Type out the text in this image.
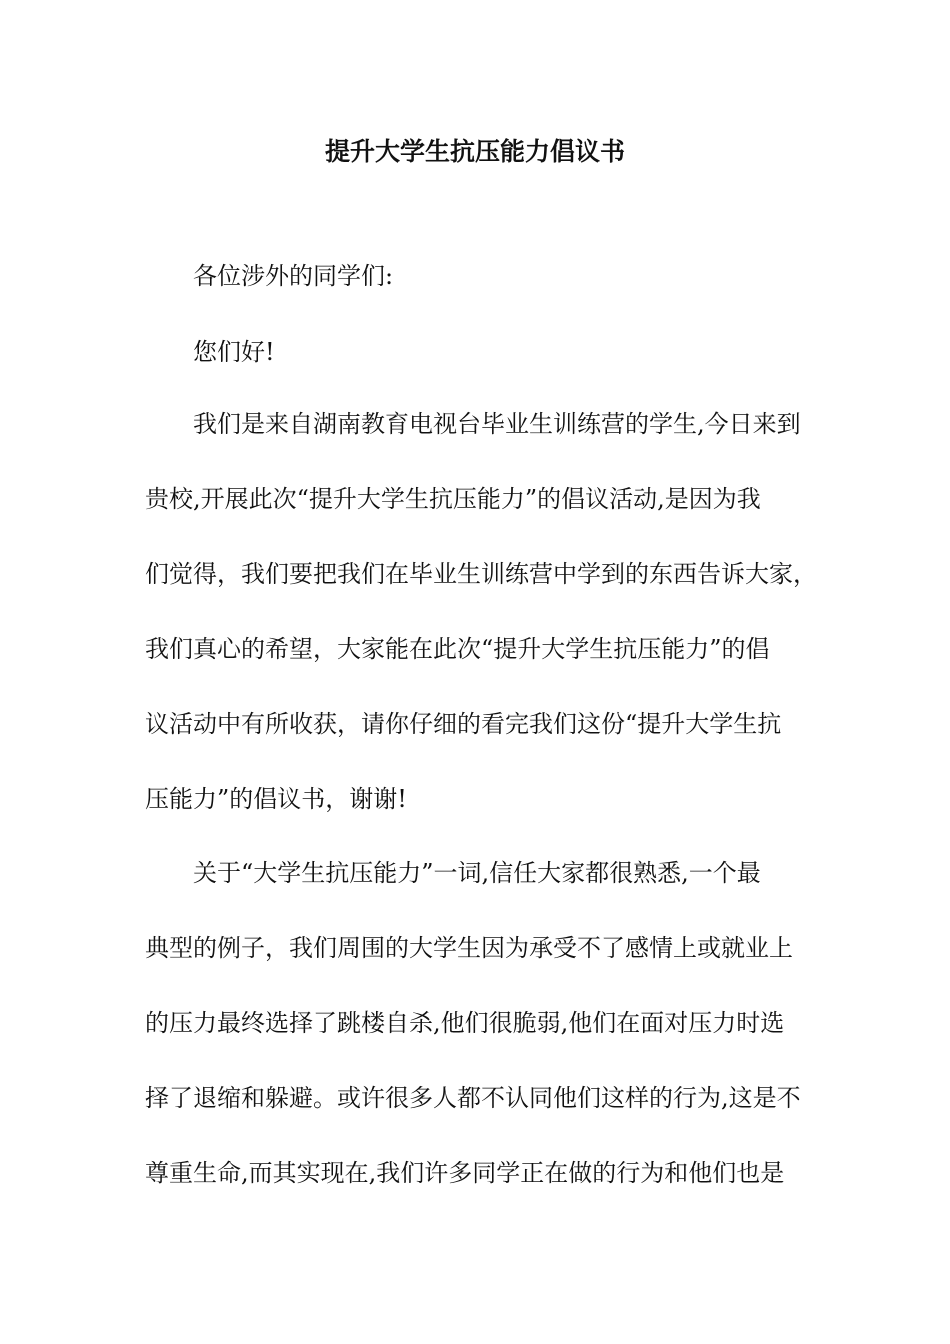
提升大学生抗压能力倡议书
各位涉外的同学们:
您们好!
我们是来自湖南教育电视台毕业生训练营的学生,今日来到
贵校,开展此次“提升大学生抗压能力”的倡议活动,是因为我
们觉得，我们要把我们在毕业生训练营中学到的东西告诉大家，
我们真心的希望，大家能在此次“提升大学生抗压能力”的倡
议活动中有所收获，请你仔细的看完我们这份“提升大学生抗
压能力”的倡议书，谢谢!
关于“大学生抗压能力”一词,信任大家都很熟悉,一个最
典型的例子，我们周围的大学生因为承受不了感情上或就业上
的压力最终选择了跳楼自杀,他们很脆弱,他们在面对压力时选
择了退缩和躲避。或许很多人都不认同他们这样的行为,这是不
尊重生命,而其实现在,我们许多同学正在做的行为和他们也是
